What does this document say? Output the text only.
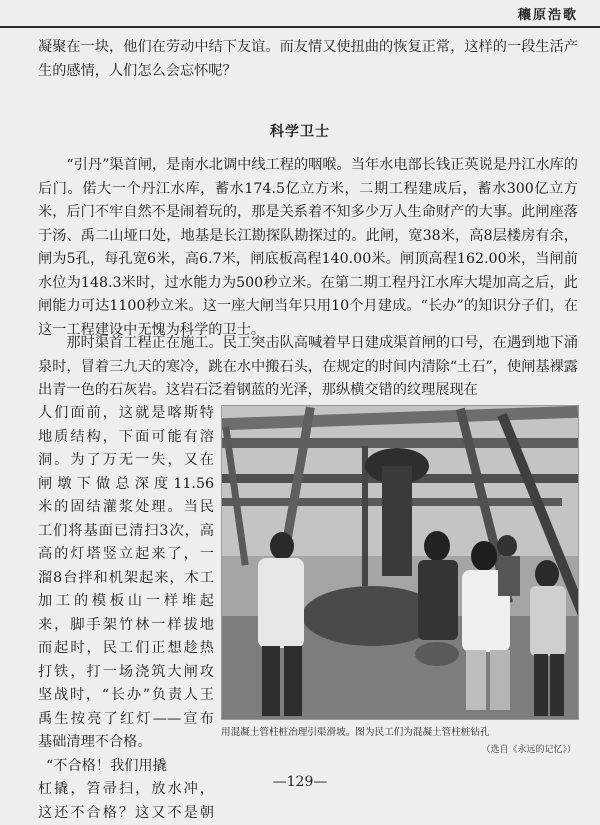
穰原浩歌

凝聚在一块，他们在劳动中结下友谊。而友情又使扭曲的恢复正常，这样的一段生活产生的感情，人们怎么会忘怀呢？

科学卫士

“引丹”渠首闸，是南水北调中线工程的咽喉。当年水电部长钱正英说是丹江水库的后门。偌大一个丹江水库，蓄水174.5亿立方米，二期工程建成后，蓄水300亿立方米，后门不牢自然不是闹着玩的，那是关系着不知多少万人生命财产的大事。此闸座落于汤、禹二山垭口处，地基是长江勘探队勘探过的。此闸，宽38米，高8层楼房有余，闸为5孔，每孔宽6米，高6.7米，闸底板高程140.00米。闸顶高程162.00米，当闸前水位为148.3米时，过水能力为500秒立米。在第二期工程丹江水库大堤加高之后，此闸能力可达1100秒立米。这一座大闸当年只用10个月建成。“长办”的知识分子们，在这一工程建设中无愧为科学的卫士。

那时渠首工程正在施工。民工突击队高喊着早日建成渠首闸的口号，在遇到地下涌泉时，冒着三九天的寒冷，跳在水中搬石头，在规定的时间内清除“土石”，使闸基裸露出青一色的石灰岩。这岩石泛着钢蓝的光泽，那纵横交错的纹理展现在

人们面前，这就是喀斯特
地质结构，下面可能有溶
洞。为了万无一失，又在
闸墩下做总深度11.56
米的固结灌浆处理。当民
工们将基面已清扫3次，高
高的灯塔竖立起来了，一
溜8台拌和机架起来，木工
加工的模板山一样堆起
来，脚手架竹林一样拔地
而起时，民工们正想趁热
打铁，打一场浇筑大闸攻
坚战时，“长办”负责人王
禹生按亮了红灯——宣布
基础清理不合格。
“不合格！我们用撬
杠撬，笤帚扫，放水冲，
这还不合格？这又不是朝
用混凝土管柱桩治理引渠滑坡。图为民工们为混凝土管柱桩钻孔
（选自《永远的记忆》）
—129—
